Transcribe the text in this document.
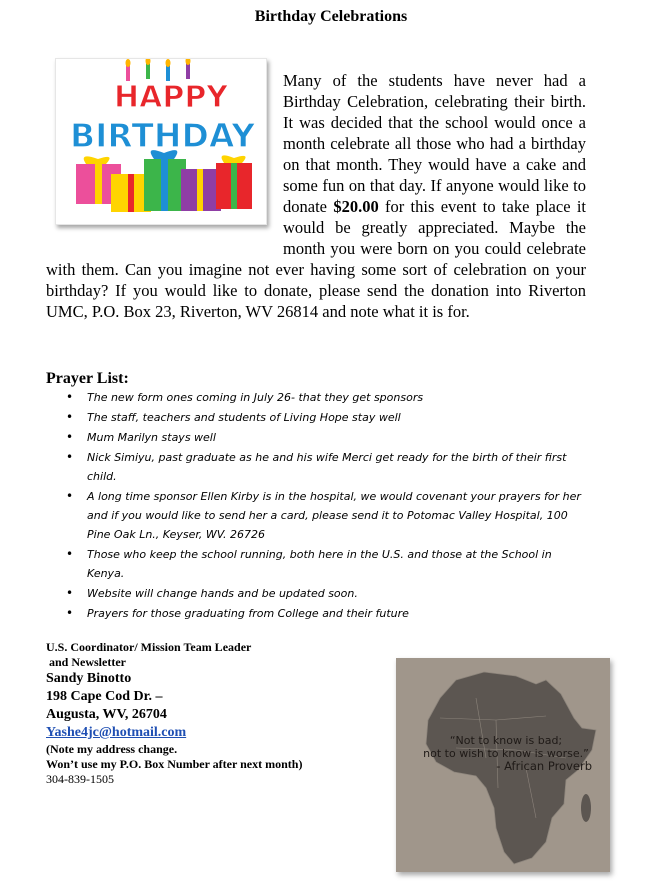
Birthday Celebrations
HAPPY
BIRTHDAY
Many of the students have never had a Birthday Celebration, celebrating their birth. It was decided that the school would once a month celebrate all those who had a birthday on that month. They would have a cake and some fun on that day. If anyone would like to donate $20.00 for this event to take place it would be greatly appreciated. Maybe the month you were born on you could celebrate with them. Can you imagine not ever having some sort of celebration on your birthday? If you would like to donate, please send the donation into Riverton UMC, P.O. Box 23, Riverton, WV 26814 and note what it is for.
Prayer List:
• The new form ones coming in July 26- that they get sponsors
• The staff, teachers and students of Living Hope stay well
• Mum Marilyn stays well
• Nick Simiyu, past graduate as he and his wife Merci get ready for the birth of their first child.
• A long time sponsor Ellen Kirby is in the hospital, we would covenant your prayers for her and if you would like to send her a card, please send it to Potomac Valley Hospital, 100 Pine Oak Ln., Keyser, WV. 26726
• Those who keep the school running, both here in the U.S. and those at the School in Kenya.
• Website will change hands and be updated soon.
• Prayers for those graduating from College and their future
U.S. Coordinator/ Mission Team Leader
and Newsletter
Sandy Binotto
198 Cape Cod Dr. –
Augusta, WV, 26704
Yashe4jc@hotmail.com
(Note my address change.
Won’t use my P.O. Box Number after next month)
304-839-1505
“Not to know is bad;
not to wish to know is worse.”

- African Proverb
